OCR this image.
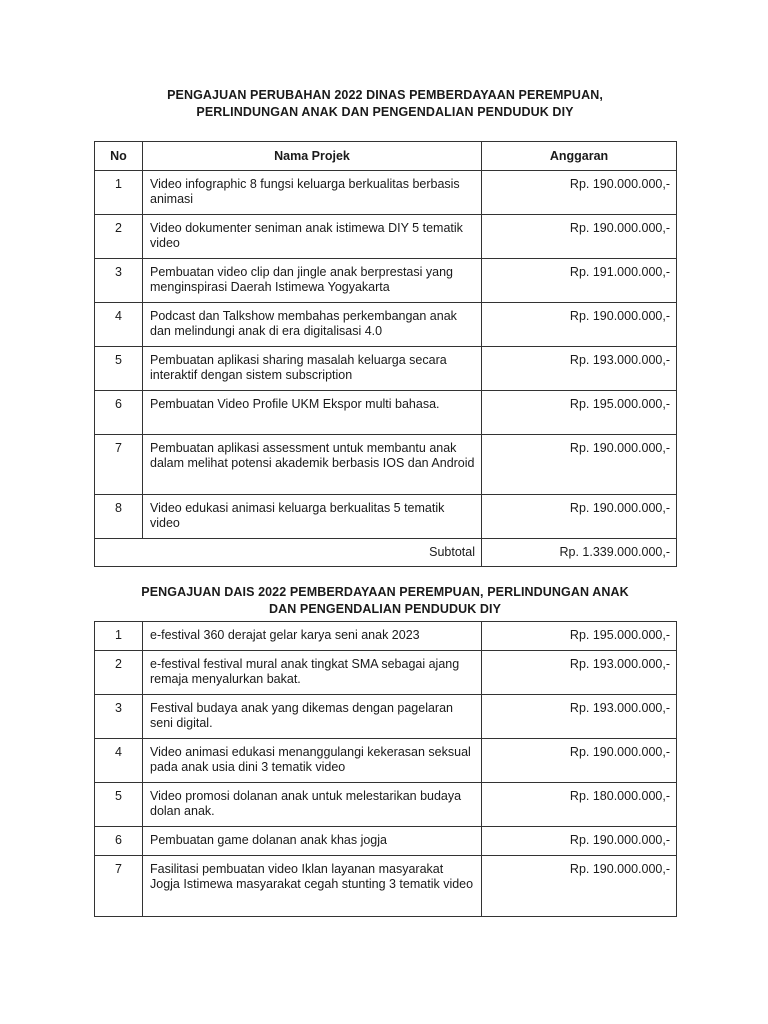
PENGAJUAN PERUBAHAN 2022 DINAS PEMBERDAYAAN PEREMPUAN,
PERLINDUNGAN ANAK DAN PENGENDALIAN PENDUDUK DIY
No	Nama Projek	Anggaran
1	Video infographic 8 fungsi keluarga berkualitas berbasis animasi	Rp. 190.000.000,-
2	Video dokumenter seniman anak istimewa DIY 5 tematik video	Rp. 190.000.000,-
3	Pembuatan video clip dan jingle anak berprestasi yang menginspirasi Daerah Istimewa Yogyakarta	Rp. 191.000.000,-
4	Podcast dan Talkshow membahas perkembangan anak dan melindungi anak di era digitalisasi 4.0	Rp. 190.000.000,-
5	Pembuatan aplikasi sharing masalah keluarga secara interaktif dengan sistem subscription	Rp. 193.000.000,-
6	Pembuatan Video Profile UKM Ekspor multi bahasa.	Rp. 195.000.000,-
7	Pembuatan aplikasi assessment untuk membantu anak dalam melihat potensi akademik berbasis IOS dan Android	Rp. 190.000.000,-
8	Video edukasi animasi keluarga berkualitas 5 tematik video	Rp. 190.000.000,-
Subtotal		Rp. 1.339.000.000,-
PENGAJUAN DAIS 2022 PEMBERDAYAAN PEREMPUAN, PERLINDUNGAN ANAK
DAN PENGENDALIAN PENDUDUK DIY
1	e-festival 360 derajat gelar karya seni anak 2023	Rp. 195.000.000,-
2	e-festival festival mural anak tingkat SMA sebagai ajang remaja menyalurkan bakat.	Rp. 193.000.000,-
3	Festival budaya anak yang dikemas dengan pagelaran seni digital.	Rp. 193.000.000,-
4	Video animasi edukasi menanggulangi kekerasan seksual pada anak usia dini 3 tematik video	Rp. 190.000.000,-
5	Video promosi dolanan anak untuk melestarikan budaya dolan anak.	Rp. 180.000.000,-
6	Pembuatan game dolanan anak khas jogja	Rp. 190.000.000,-
7	Fasilitasi pembuatan video Iklan layanan masyarakat Jogja Istimewa masyarakat cegah stunting 3 tematik video	Rp. 190.000.000,-
